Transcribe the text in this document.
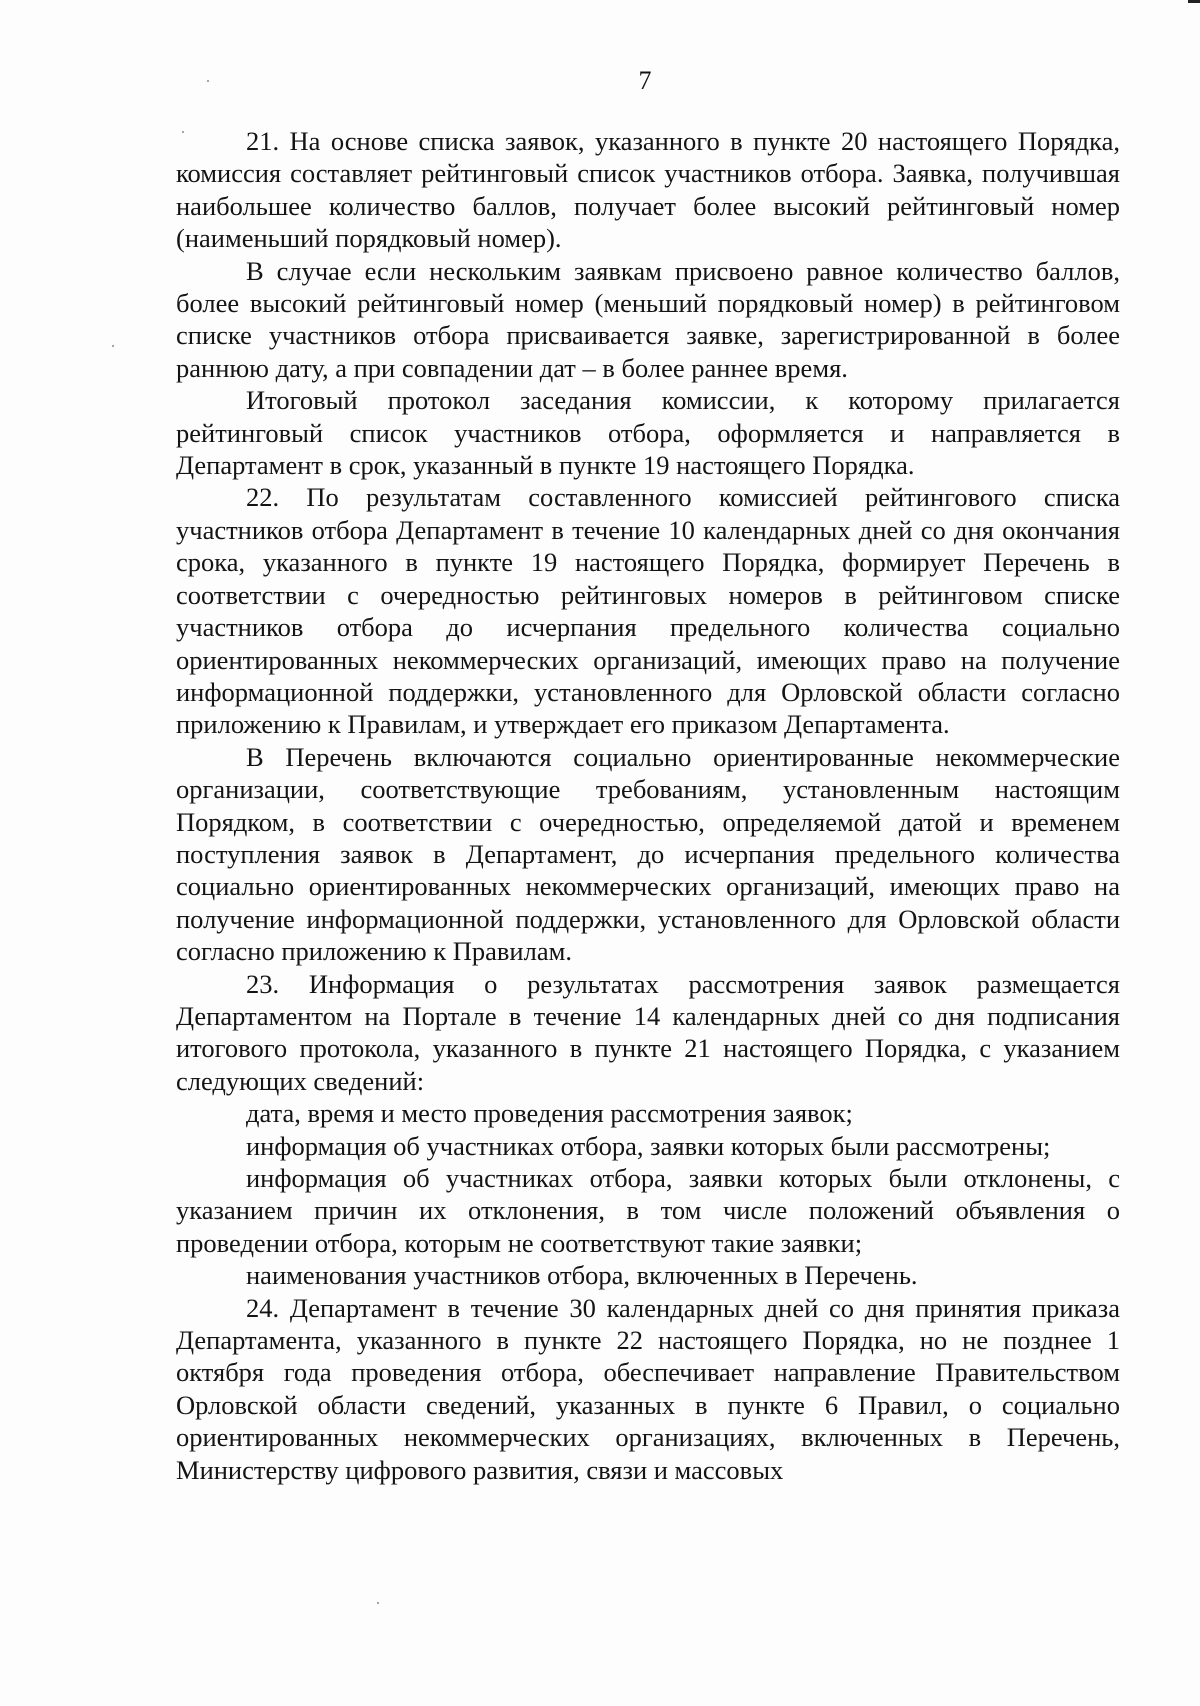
7

21. На основе списка заявок, указанного в пункте 20 настоящего Порядка, комиссия составляет рейтинговый список участников отбора. Заявка, получившая наибольшее количество баллов, получает более высокий рейтинговый номер (наименьший порядковый номер).

В случае если нескольким заявкам присвоено равное количество баллов, более высокий рейтинговый номер (меньший порядковый номер) в рейтинговом списке участников отбора присваивается заявке, зарегистрированной в более раннюю дату, а при совпадении дат – в более раннее время.

Итоговый протокол заседания комиссии, к которому прилагается рейтинговый список участников отбора, оформляется и направляется в Департамент в срок, указанный в пункте 19 настоящего Порядка.

22. По результатам составленного комиссией рейтингового списка участников отбора Департамент в течение 10 календарных дней со дня окончания срока, указанного в пункте 19 настоящего Порядка, формирует Перечень в соответствии с очередностью рейтинговых номеров в рейтинговом списке участников отбора до исчерпания предельного количества социально ориентированных некоммерческих организаций, имеющих право на получение информационной поддержки, установленного для Орловской области согласно приложению к Правилам, и утверждает его приказом Департамента.

В Перечень включаются социально ориентированные некоммерческие организации, соответствующие требованиям, установленным настоящим Порядком, в соответствии с очередностью, определяемой датой и временем поступления заявок в Департамент, до исчерпания предельного количества социально ориентированных некоммерческих организаций, имеющих право на получение информационной поддержки, установленного для Орловской области согласно приложению к Правилам.

23. Информация о результатах рассмотрения заявок размещается Департаментом на Портале в течение 14 календарных дней со дня подписания итогового протокола, указанного в пункте 21 настоящего Порядка, с указанием следующих сведений:

дата, время и место проведения рассмотрения заявок;

информация об участниках отбора, заявки которых были рассмотрены;

информация об участниках отбора, заявки которых были отклонены, с указанием причин их отклонения, в том числе положений объявления о проведении отбора, которым не соответствуют такие заявки;

наименования участников отбора, включенных в Перечень.

24. Департамент в течение 30 календарных дней со дня принятия приказа Департамента, указанного в пункте 22 настоящего Порядка, но не позднее 1 октября года проведения отбора, обеспечивает направление Правительством Орловской области сведений, указанных в пункте 6 Правил, о социально ориентированных некоммерческих организациях, включенных в Перечень, Министерству цифрового развития, связи и массовых
